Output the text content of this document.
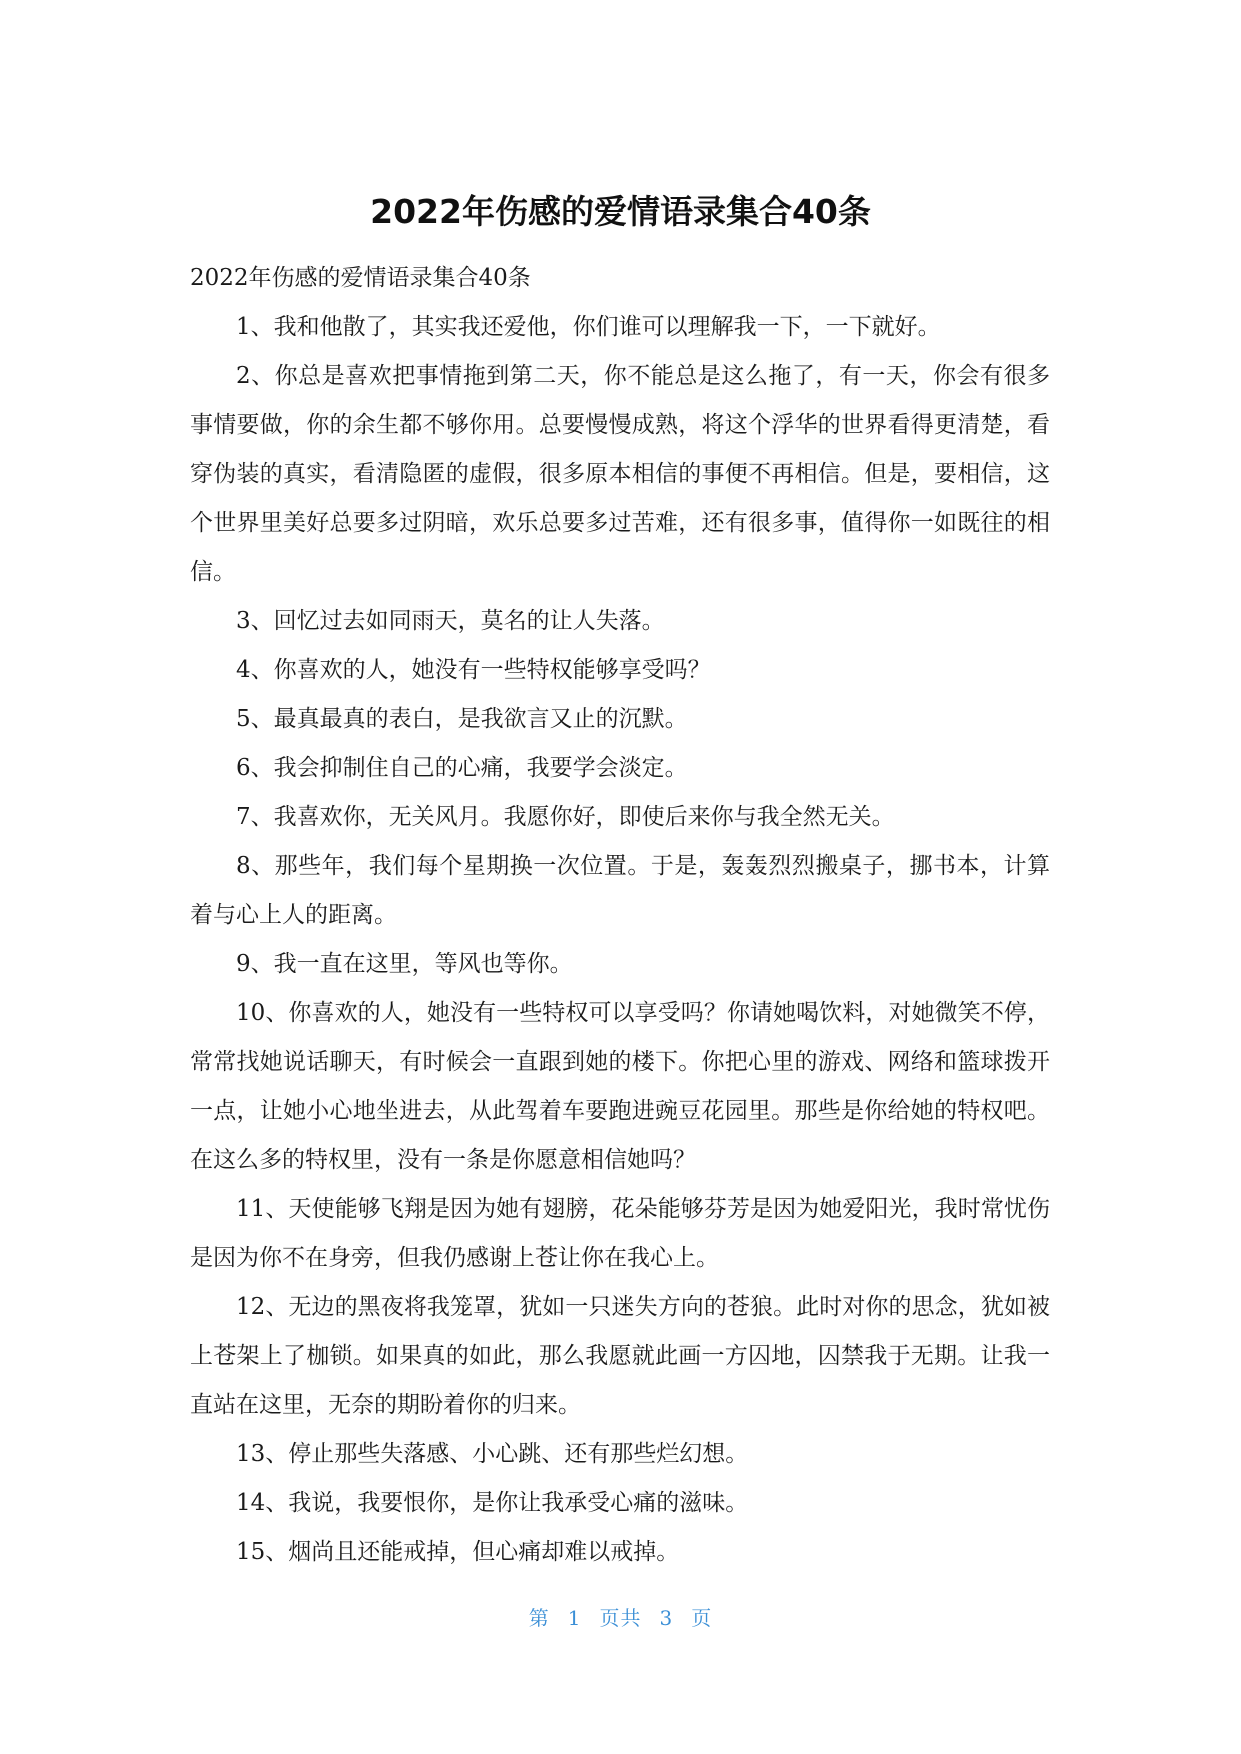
2022年伤感的爱情语录集合40条

2022年伤感的爱情语录集合40条

1、我和他散了，其实我还爱他，你们谁可以理解我一下，一下就好。

2、你总是喜欢把事情拖到第二天，你不能总是这么拖了，有一天，你会有很多事情要做，你的余生都不够你用。总要慢慢成熟，将这个浮华的世界看得更清楚，看穿伪装的真实，看清隐匿的虚假，很多原本相信的事便不再相信。但是，要相信，这个世界里美好总要多过阴暗，欢乐总要多过苦难，还有很多事，值得你一如既往的相信。

3、回忆过去如同雨天，莫名的让人失落。

4、你喜欢的人，她没有一些特权能够享受吗？

5、最真最真的表白，是我欲言又止的沉默。

6、我会抑制住自己的心痛，我要学会淡定。

7、我喜欢你，无关风月。我愿你好，即使后来你与我全然无关。

8、那些年，我们每个星期换一次位置。于是，轰轰烈烈搬桌子，挪书本，计算着与心上人的距离。

9、我一直在这里，等风也等你。

10、你喜欢的人，她没有一些特权可以享受吗？你请她喝饮料，对她微笑不停，常常找她说话聊天，有时候会一直跟到她的楼下。你把心里的游戏、网络和篮球拨开一点，让她小心地坐进去，从此驾着车要跑进豌豆花园里。那些是你给她的特权吧。在这么多的特权里，没有一条是你愿意相信她吗？

11、天使能够飞翔是因为她有翅膀，花朵能够芬芳是因为她爱阳光，我时常忧伤是因为你不在身旁，但我仍感谢上苍让你在我心上。

12、无边的黑夜将我笼罩，犹如一只迷失方向的苍狼。此时对你的思念，犹如被上苍架上了枷锁。如果真的如此，那么我愿就此画一方囚地，囚禁我于无期。让我一直站在这里，无奈的期盼着你的归来。

13、停止那些失落感、小心跳、还有那些烂幻想。

14、我说，我要恨你，是你让我承受心痛的滋味。

15、烟尚且还能戒掉，但心痛却难以戒掉。

第 1 页共 3 页
